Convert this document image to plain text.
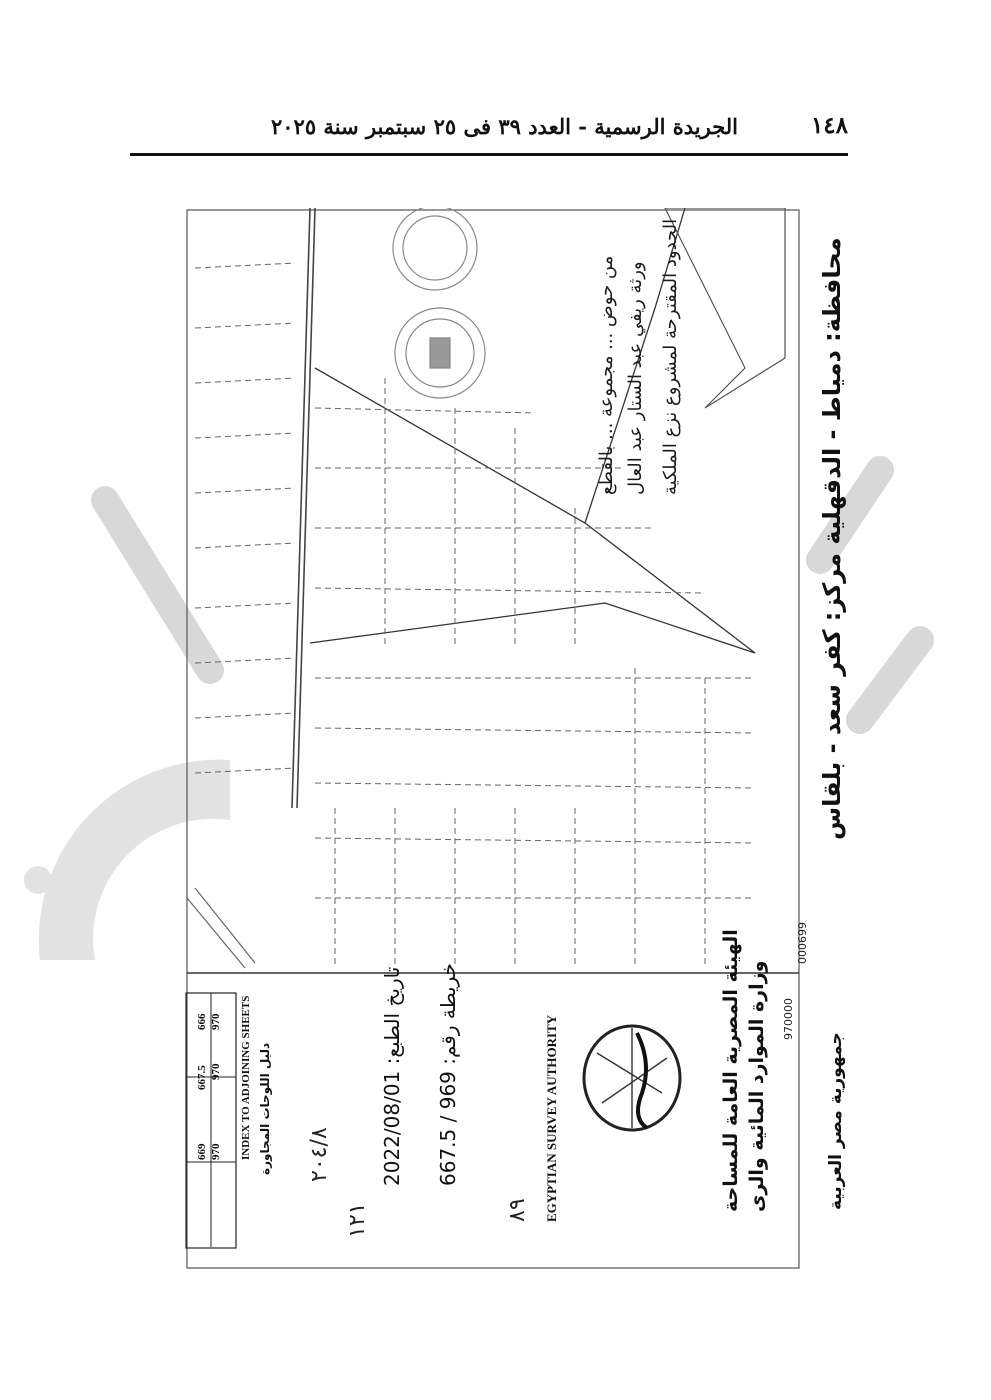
١٤٨
الجريدة الرسمية - العدد ٣٩ فى ٢٥ سبتمبر سنة ٢٠٢٥
محافظة: دمياط - الدقهلية مركز: كفر سعد - بلقاس
الحدود المقترحة لمشروع نزع الملكية
ورثة ريفي عبد الستار عبد العال
من حوض ... مجموعة ... بالقطع
000699
970000
جمهورية مصر العربية
وزارة الموارد المائية والرى
الهيئة المصرية العامة للمساحة
EGYPTIAN SURVEY AUTHORITY
خريطة رقم: 969 / 667.5
تاريخ الطبع: 2022/08/01
دليل اللوحات المجاورة
INDEX TO ADJOINING SHEETS
970
669
970
667.5
970
666
٨٩
١٢١
٢٠٤/٨
